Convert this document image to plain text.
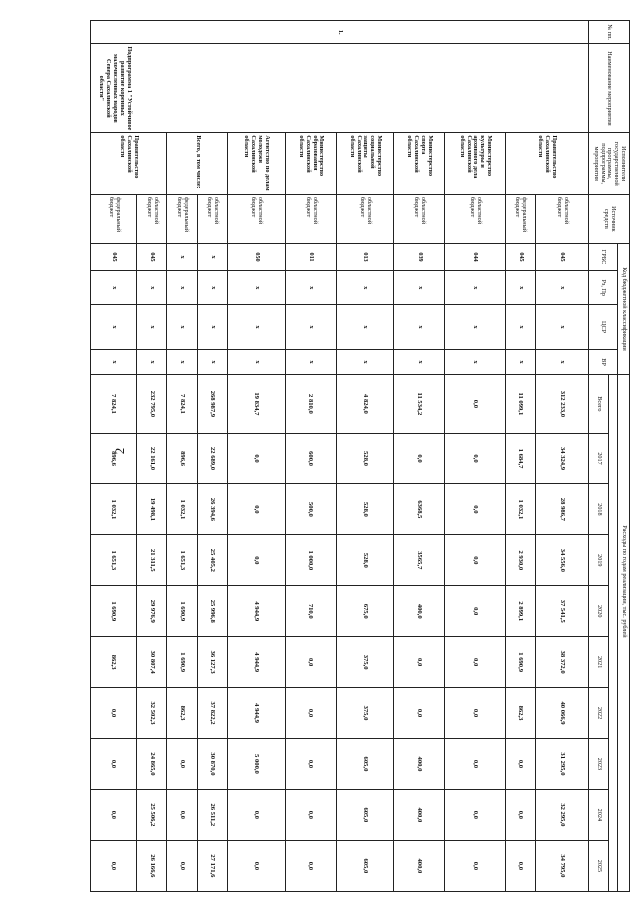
2
№ пп.	Наименование мероприятия	Исполнители государственной программы, подпрограммы, мероприятия	Источник средств	Код бюджетной классификации				Расходы по годам реализации, тыс. рублей									
				ГРБС	Рз, Пр	ЦСР	ВР										
								Всего	2017	2018	2019	2020	2021	2022	2023	2024	2025
1.	Подпрограмма 1 "Устойчивое развитие коренных малочисленных народов Севера Сахалинской области"	Правительство Сахалинской области	областной бюджет	045	х	х	х	312 233,0	34 324,9	28 986,7	34 556,0	37 541,5	38 372,0	40 066,9	31 295,0	32 295,0	34 795,0
			федеральный бюджет	045	х	х	х	11 099,1	1 684,7	1 032,1	2 930,0	2 899,1	1 690,9	862,3	0,0	0,0	0,0
		Министерство культуры и архивного дела Сахалинской области	областной бюджет	044	х	х	х	0,0	0,0	0,0	0,0	0,0	0,0	0,0	0,0	0,0	0,0
		Министерство спорта Сахалинской области	областной бюджет	039	х	х	х	11 534,2	0,0	6368,5	3565,7	400,0	0,0	0,0	400,0	400,0	400,0
		Министерство социальной защиты Сахалинской области	областной бюджет	013	х	х	х	4 824,0	528,0	528,0	528,0	675,0	375,0	375,0	605,0	605,0	605,0
		Министерство образования Сахалинской области	областной бюджет	011	х	х	х	2 810,0	600,0	500,0	1 000,0	710,0	0,0	0,0	0,0	0,0	0,0
		Агентство по делам молодежи Сахалинской области	областной бюджет	050	х	х	х	19 834,7	0,0	0,0	0,0	4 944,9	4 944,9	4 944,9	5 000,0	0,0	0,0
		Всего, в том числе:	областной бюджет	х	х	х	х	268 987,9	22 689,0	26 394,6	25 405,2	25 996,8	36 127,3	37 822,2	30 870,0	26 511,2	27 171,6
			федеральный бюджет	х	х	х	х	7 824,1	896,6	1 032,1	1 651,3	1 690,9	1 690,9	862,3	0,0	0,0	0,0
		Правительство Сахалинской области	областной бюджет	045	х	х	х	232 795,0	22 161,0	19 498,1	21 311,5	29 976,9	30 807,4	32 502,3	24 865,0	25 506,2	26 166,6
			федеральный бюджет	045	х	х	х	7 824,1	896,6	1 032,1	1 651,3	1 690,9	862,3	0,0	0,0	0,0	0,0
